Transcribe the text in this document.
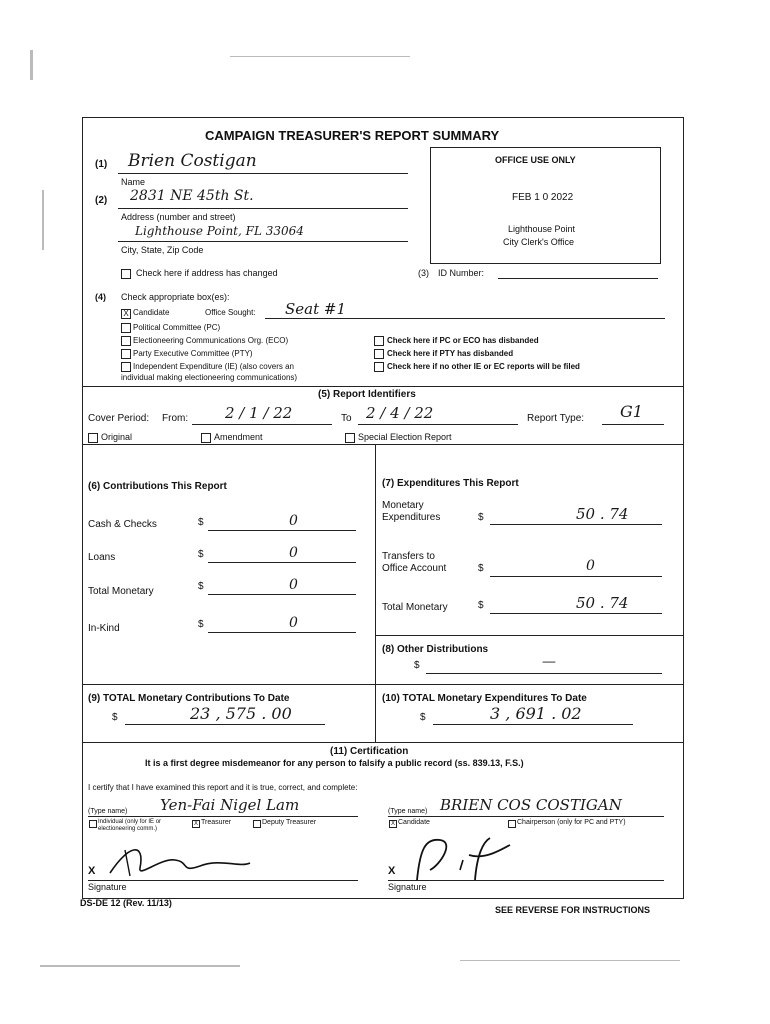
CAMPAIGN TREASURER'S REPORT SUMMARY
OFFICE USE ONLY
FEB 1 0 2022
Lighthouse Point
City Clerk's Office
(1) Brien Costigan
Name
(2) 2831 NE 45th St.
Address (number and street)
Lighthouse Point, FL 33064
City, State, Zip Code
Check here if address has changed	(3) ID Number:
(4) Check appropriate box(es):
X Candidate	Office Sought: Seat #1
Political Committee (PC)
Electioneering Communications Org. (ECO)
Party Executive Committee (PTY)
Independent Expenditure (IE) (also covers an
individual making electioneering communications)
Check here if PC or ECO has disbanded
Check here if PTY has disbanded
Check here if no other IE or EC reports will be filed
(5) Report Identifiers
Cover Period: From: 2 / 1 / 22	To 2 / 4 / 22	Report Type: G1
Original	Amendment	Special Election Report
(6) Contributions This Report
Cash & Checks	$	0
Loans	$	0
Total Monetary	$	0
In-Kind	$	0
(7) Expenditures This Report
Monetary
Expenditures	$	50 . 74
Transfers to
Office Account	$	0
Total Monetary	$	50 . 74
(8) Other Distributions
$	—
(9) TOTAL Monetary Contributions To Date
$	23 , 575 . 00
(10) TOTAL Monetary Expenditures To Date
$	3 , 691 . 02
(11) Certification
It is a first degree misdemeanor for any person to falsify a public record (ss. 839.13, F.S.)
I certify that I have examined this report and it is true, correct, and complete:
(Type name) Yen-Fai Nigel Lam
Individual (only for IE or electioneering comm.)
X Treasurer	Deputy Treasurer
(Type name) BRIEN COS COSTIGAN
X Candidate	Chairperson (only for PC and PTY)
X
Signature
X
Signature
DS-DE 12 (Rev. 11/13)
SEE REVERSE FOR INSTRUCTIONS
